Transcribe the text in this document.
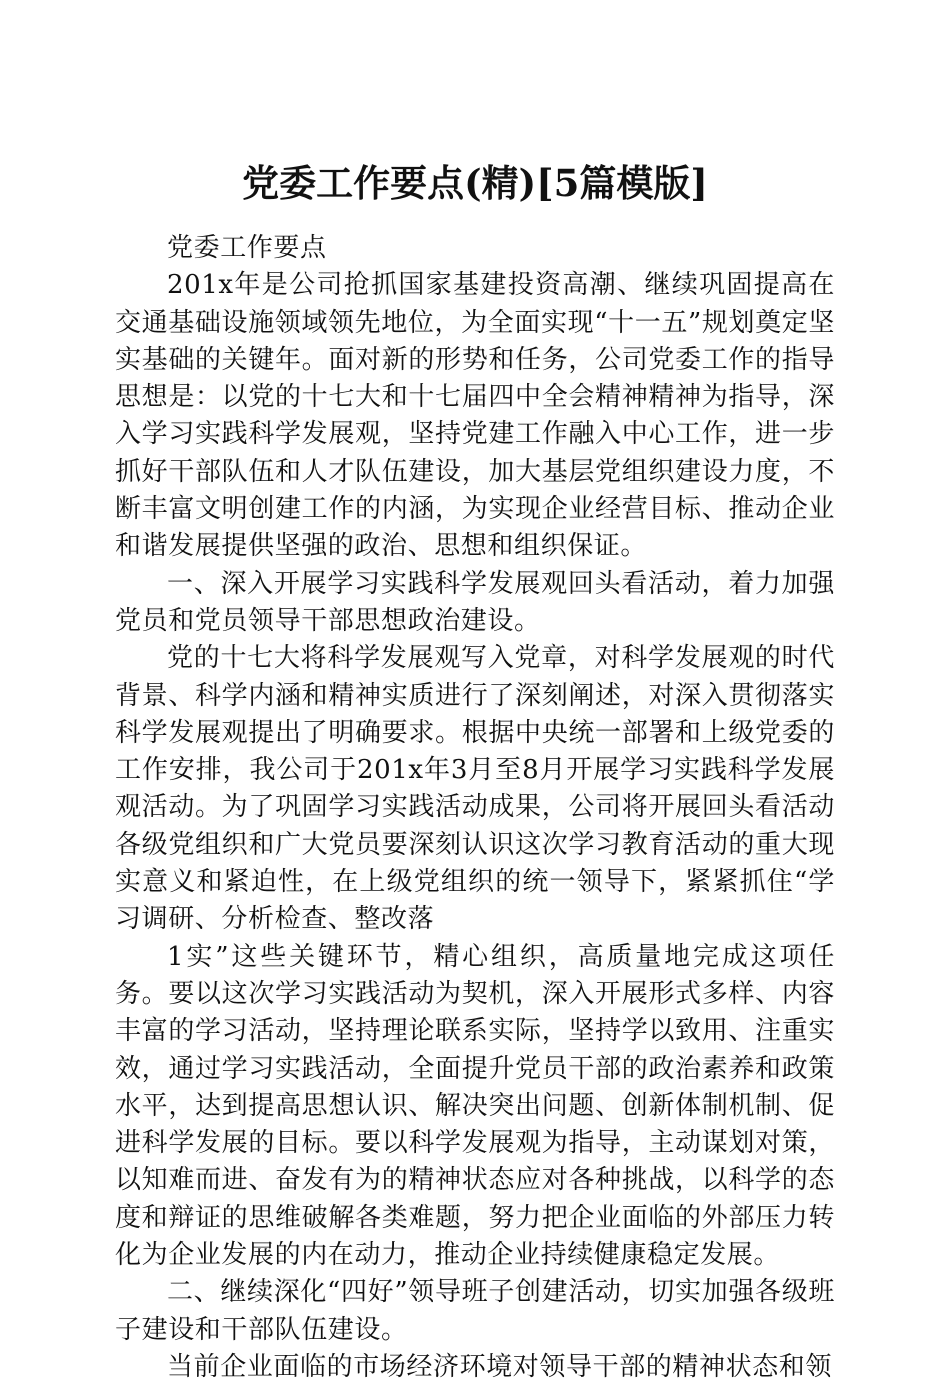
党委工作要点(精)[5篇模版]

党委工作要点

201x年是公司抢抓国家基建投资高潮、继续巩固提高在交通基础设施领域领先地位，为全面实现“十一五”规划奠定坚实基础的关键年。面对新的形势和任务，公司党委工作的指导思想是：以党的十七大和十七届四中全会精神精神为指导，深入学习实践科学发展观，坚持党建工作融入中心工作，进一步抓好干部队伍和人才队伍建设，加大基层党组织建设力度，不断丰富文明创建工作的内涵，为实现企业经营目标、推动企业和谐发展提供坚强的政治、思想和组织保证。

一、深入开展学习实践科学发展观回头看活动，着力加强党员和党员领导干部思想政治建设。

党的十七大将科学发展观写入党章，对科学发展观的时代背景、科学内涵和精神实质进行了深刻阐述，对深入贯彻落实科学发展观提出了明确要求。根据中央统一部署和上级党委的工作安排，我公司于201x年3月至8月开展学习实践科学发展观活动。为了巩固学习实践活动成果，公司将开展回头看活动各级党组织和广大党员要深刻认识这次学习教育活动的重大现实意义和紧迫性，在上级党组织的统一领导下，紧紧抓住“学习调研、分析检查、整改落

1实”这些关键环节，精心组织，高质量地完成这项任务。要以这次学习实践活动为契机，深入开展形式多样、内容丰富的学习活动，坚持理论联系实际，坚持学以致用、注重实效，通过学习实践活动，全面提升党员干部的政治素养和政策水平，达到提高思想认识、解决突出问题、创新体制机制、促进科学发展的目标。要以科学发展观为指导，主动谋划对策，以知难而进、奋发有为的精神状态应对各种挑战，以科学的态度和辩证的思维破解各类难题，努力把企业面临的外部压力转化为企业发展的内在动力，推动企业持续健康稳定发展。

二、继续深化“四好”领导班子创建活动，切实加强各级班子建设和干部队伍建设。

当前企业面临的市场经济环境对领导干部的精神状态和领
